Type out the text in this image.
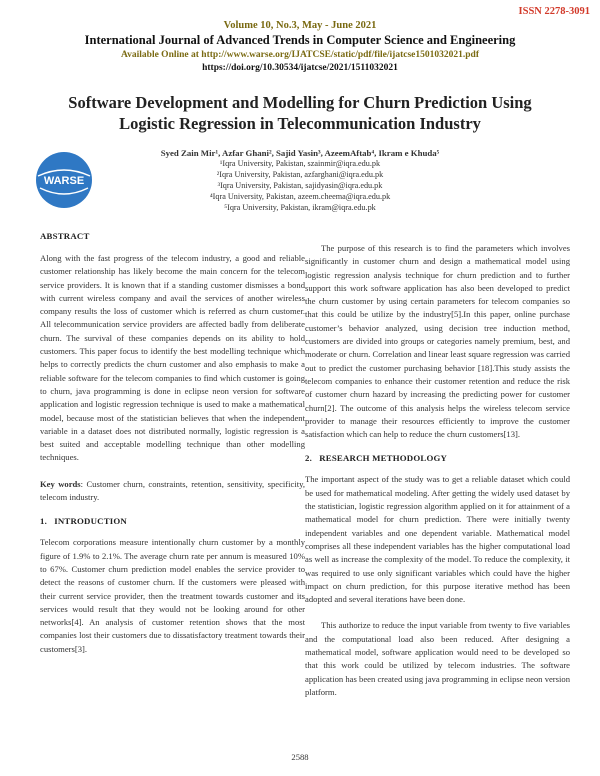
ISSN 2278-3091
Volume 10, No.3, May - June 2021
International Journal of Advanced Trends in Computer Science and Engineering
Available Online at http://www.warse.org/IJATCSE/static/pdf/file/ijatcse1501032021.pdf
https://doi.org/10.30534/ijatcse/2021/1511032021
Software Development and Modelling for Churn Prediction Using Logistic Regression in Telecommunication Industry
WARSE
Syed Zain Mir¹, Azfar Ghani², Sajid Yasin³, AzeemAftab⁴, Ikram e Khuda⁵
¹Iqra University, Pakistan, szainmir@iqra.edu.pk
²Iqra University, Pakistan, azfarghani@iqra.edu.pk
³Iqra University, Pakistan, sajidyasin@iqra.edu.pk
⁴Iqra University, Pakistan, azeem.cheema@iqra.edu.pk
⁵Iqra University, Pakistan, ikram@iqra.edu.pk
ABSTRACT

Along with the fast progress of the telecom industry, a good and reliable customer relationship has likely become the main concern for the telecom service providers. It is known that if a standing customer dismisses a bond with current wireless company and avail the services of another wireless company results the loss of customer which is referred as churn customer. All telecommunication service providers are affected badly from deliberate churn. The survival of these companies depends on its ability to hold customers. This paper focus to identify the best modelling technique which helps to correctly predicts the churn customer and also emphasis to make a reliable software for the telecom companies to find which customer is going to churn, java programming is done in eclipse neon version for software application and logistic regression technique is used to make a mathematical model, because most of the statistician believes that when the independent variable in a dataset does not distributed normally, logistic regression is a best suited and acceptable modelling technique than other modelling techniques.

Key words: Customer churn, constraints, retention, sensitivity, specificity, telecom industry.

1.   INTRODUCTION

Telecom corporations measure intentionally churn customer by a monthly figure of 1.9% to 2.1%. The average churn rate per annum is measured 10% to 67%. Customer churn prediction model enables the service provider to detect the reasons of customer churn. If the customers were pleased with their current service provider, then the treatment towards customer and its services would result that they would not be looking around for other networks[4]. An analysis of customer retention shows that the most companies lost their customers due to dissatisfactory treatment towards their customers[3].

The purpose of this research is to find the parameters which involves significantly in customer churn and design a mathematical model using logistic regression analysis technique for churn prediction and to further support this work software application has also been developed to predict the churn customer by using certain parameters for telecom companies so that this could be utilize by the industry[5].In this paper, online purchase customer’s behavior analyzed, using decision tree induction method, customers are divided into groups or categories namely premium, best, and moderate or churn. Correlation and linear least square regression was carried out to predict the customer purchasing behavior [18].This study assists the telecom companies to enhance their customer retention and reduce the risk of customer churn hazard by increasing the predicting power for customer churn[2]. The outcome of this analysis helps the wireless telecom service provider to manage their resources efficiently to improve the customer satisfaction which can help to reduce the churn customers[13].

2.   RESEARCH METHODOLOGY

The important aspect of the study was to get a reliable dataset which could be used for mathematical modeling. After getting the widely used dataset by the statistician, logistic regression algorithm applied on it for attainment of a mathematical model for churn prediction. There were initially twenty independent variables and one dependent variable. Mathematical model comprises all these independent variables has the higher computational load as well as increase the complexity of the model. To reduce the complexity, it was required to use only significant variables which could have the higher impact on churn prediction, for this purpose iterative method has been adopted and several iterations have been done.

This authorize to reduce the input variable from twenty to five variables and the computational load also been reduced. After designing a mathematical model, software application would need to be developed so that this work could be utilized by telecom industries. The software application has been created using java programming in eclipse neon version platform.

2588
